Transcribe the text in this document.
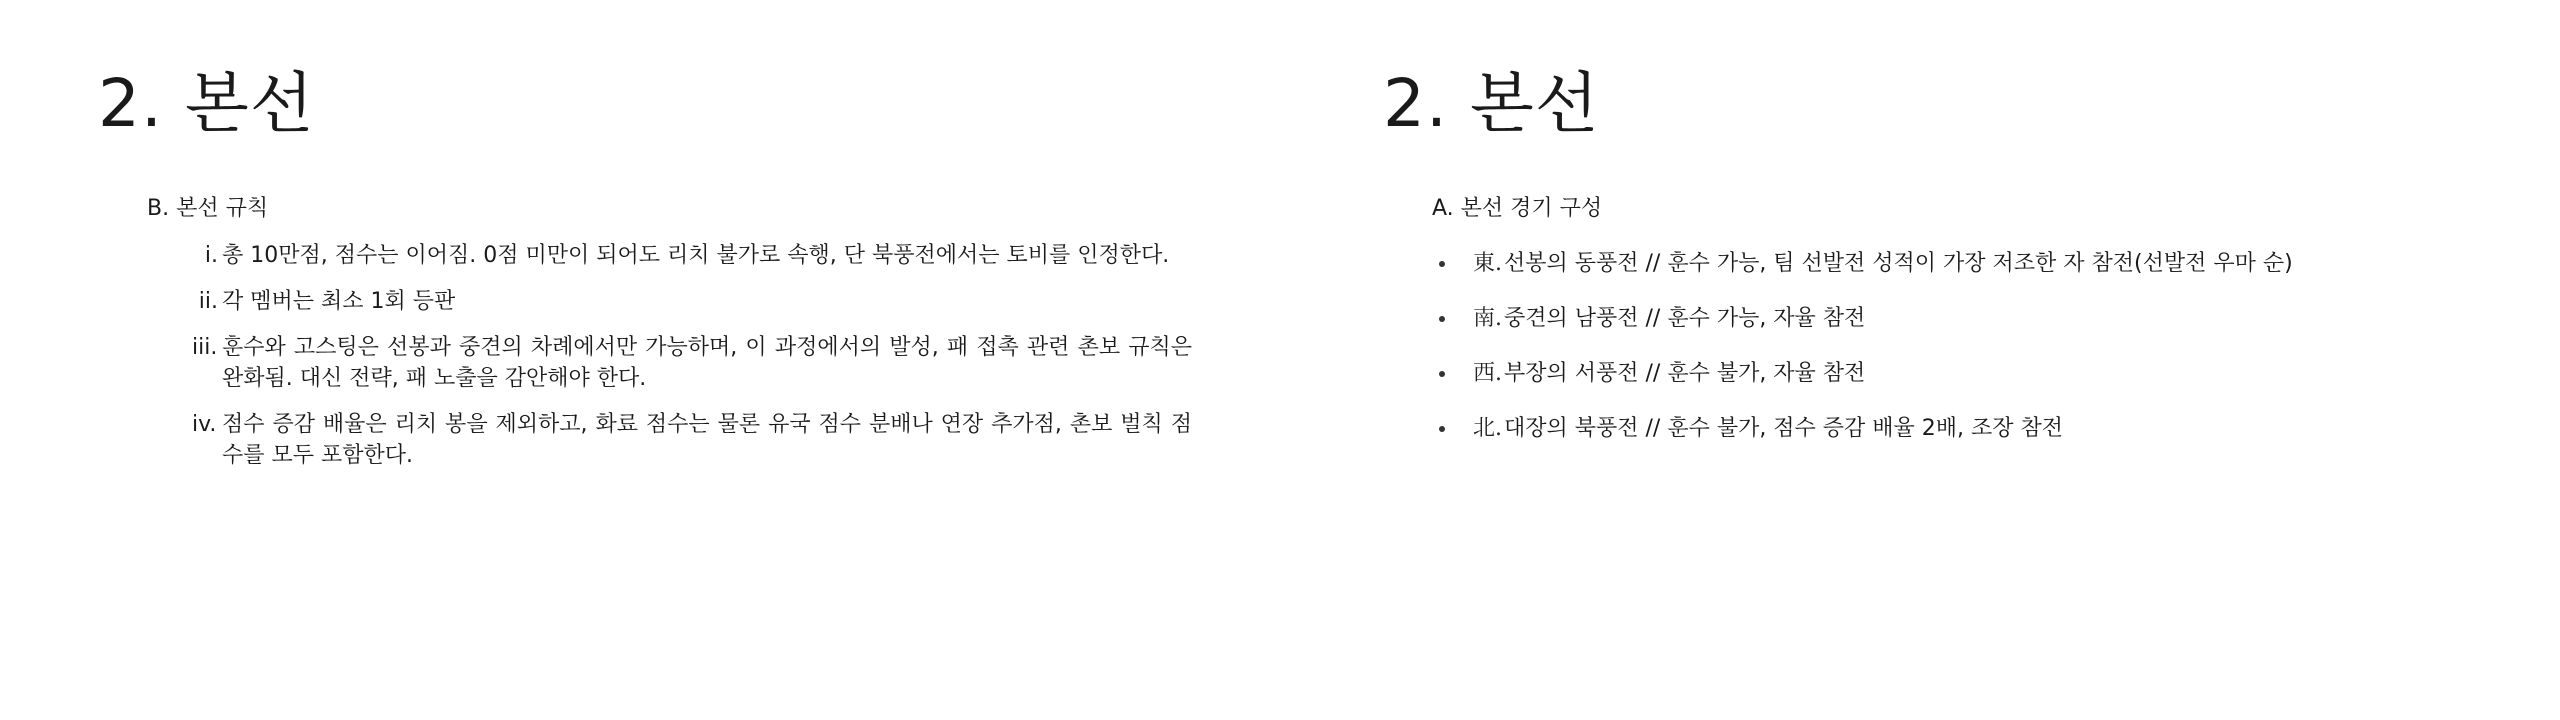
2. 본선
B. 본선 규칙
i. 총 10만점, 점수는 이어짐. 0점 미만이 되어도 리치 불가로 속행, 단 북풍전에서는 토비를 인정한다.
ii. 각 멤버는 최소 1회 등판
iii. 훈수와 고스팅은 선봉과 중견의 차례에서만 가능하며, 이 과정에서의 발성, 패 접촉 관련 촌보 규칙은 완화됨. 대신 전략, 패 노출을 감안해야 한다.
iv. 점수 증감 배율은 리치 봉을 제외하고, 화료 점수는 물론 유국 점수 분배나 연장 추가점, 촌보 벌칙 점수를 모두 포함한다.
2. 본선
A. 본선 경기 구성
東. 선봉의 동풍전 // 훈수 가능, 팀 선발전 성적이 가장 저조한 자 참전(선발전 우마 순)
南. 중견의 남풍전 // 훈수 가능, 자율 참전
西. 부장의 서풍전 // 훈수 불가, 자율 참전
北. 대장의 북풍전 // 훈수 불가, 점수 증감 배율 2배, 조장 참전
